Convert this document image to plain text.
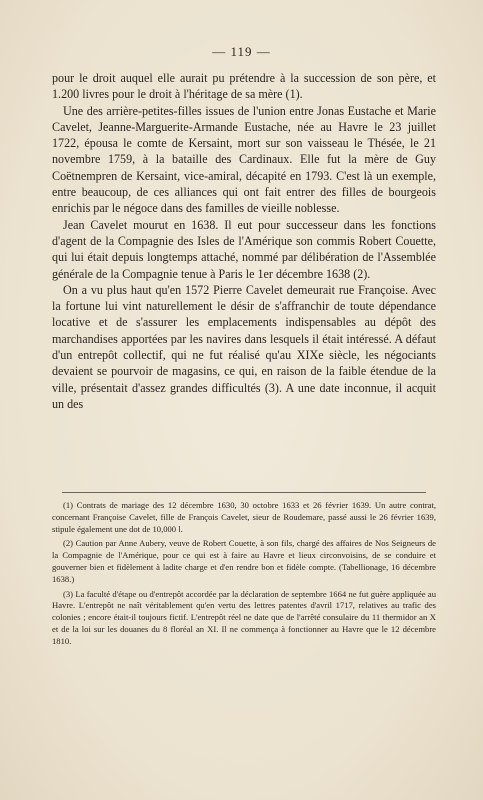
— 119 —

pour le droit auquel elle aurait pu prétendre à la succession de son père, et 1.200 livres pour le droit à l'héritage de sa mère (1).

Une des arrière-petites-filles issues de l'union entre Jonas Eustache et Marie Cavelet, Jeanne-Marguerite-Armande Eustache, née au Havre le 23 juillet 1722, épousa le comte de Kersaint, mort sur son vaisseau le Thésée, le 21 novembre 1759, à la bataille des Cardinaux. Elle fut la mère de Guy Coëtnempren de Kersaint, vice-amiral, décapité en 1793. C'est là un exemple, entre beaucoup, de ces alliances qui ont fait entrer des filles de bourgeois enrichis par le négoce dans des familles de vieille noblesse.

Jean Cavelet mourut en 1638. Il eut pour successeur dans les fonctions d'agent de la Compagnie des Isles de l'Amérique son commis Robert Couette, qui lui était depuis longtemps attaché, nommé par délibération de l'Assemblée générale de la Compagnie tenue à Paris le 1er décembre 1638 (2).

On a vu plus haut qu'en 1572 Pierre Cavelet demeurait rue Françoise. Avec la fortune lui vint naturellement le désir de s'affranchir de toute dépendance locative et de s'assurer les emplacements indispensables au dépôt des marchandises apportées par les navires dans lesquels il était intéressé. A défaut d'un entrepôt collectif, qui ne fut réalisé qu'au XIXe siècle, les négociants devaient se pourvoir de magasins, ce qui, en raison de la faible étendue de la ville, présentait d'assez grandes difficultés (3). A une date inconnue, il acquit un des

(1) Contrats de mariage des 12 décembre 1630, 30 octobre 1633 et 26 février 1639. Un autre contrat, concernant Françoise Cavelet, fille de François Cavelet, sieur de Roudemare, passé aussi le 26 février 1639, stipule également une dot de 10,000 l.

(2) Caution par Anne Aubery, veuve de Robert Couette, à son fils, chargé des affaires de Nos Seigneurs de la Compagnie de l'Amérique, pour ce qui est à faire au Havre et lieux circonvoisins, de se conduire et gouverner bien et fidèlement à ladite charge et d'en rendre bon et fidèle compte. (Tabellionage, 16 décembre 1638.)

(3) La faculté d'étape ou d'entrepôt accordée par la déclaration de septembre 1664 ne fut guère appliquée au Havre. L'entrepôt ne naît véritablement qu'en vertu des lettres patentes d'avril 1717, relatives au trafic des colonies ; encore était-il toujours fictif. L'entrepôt réel ne date que de l'arrêté consulaire du 11 thermidor an X et de la loi sur les douanes du 8 floréal an XI. Il ne commença à fonctionner au Havre que le 12 décembre 1810.
